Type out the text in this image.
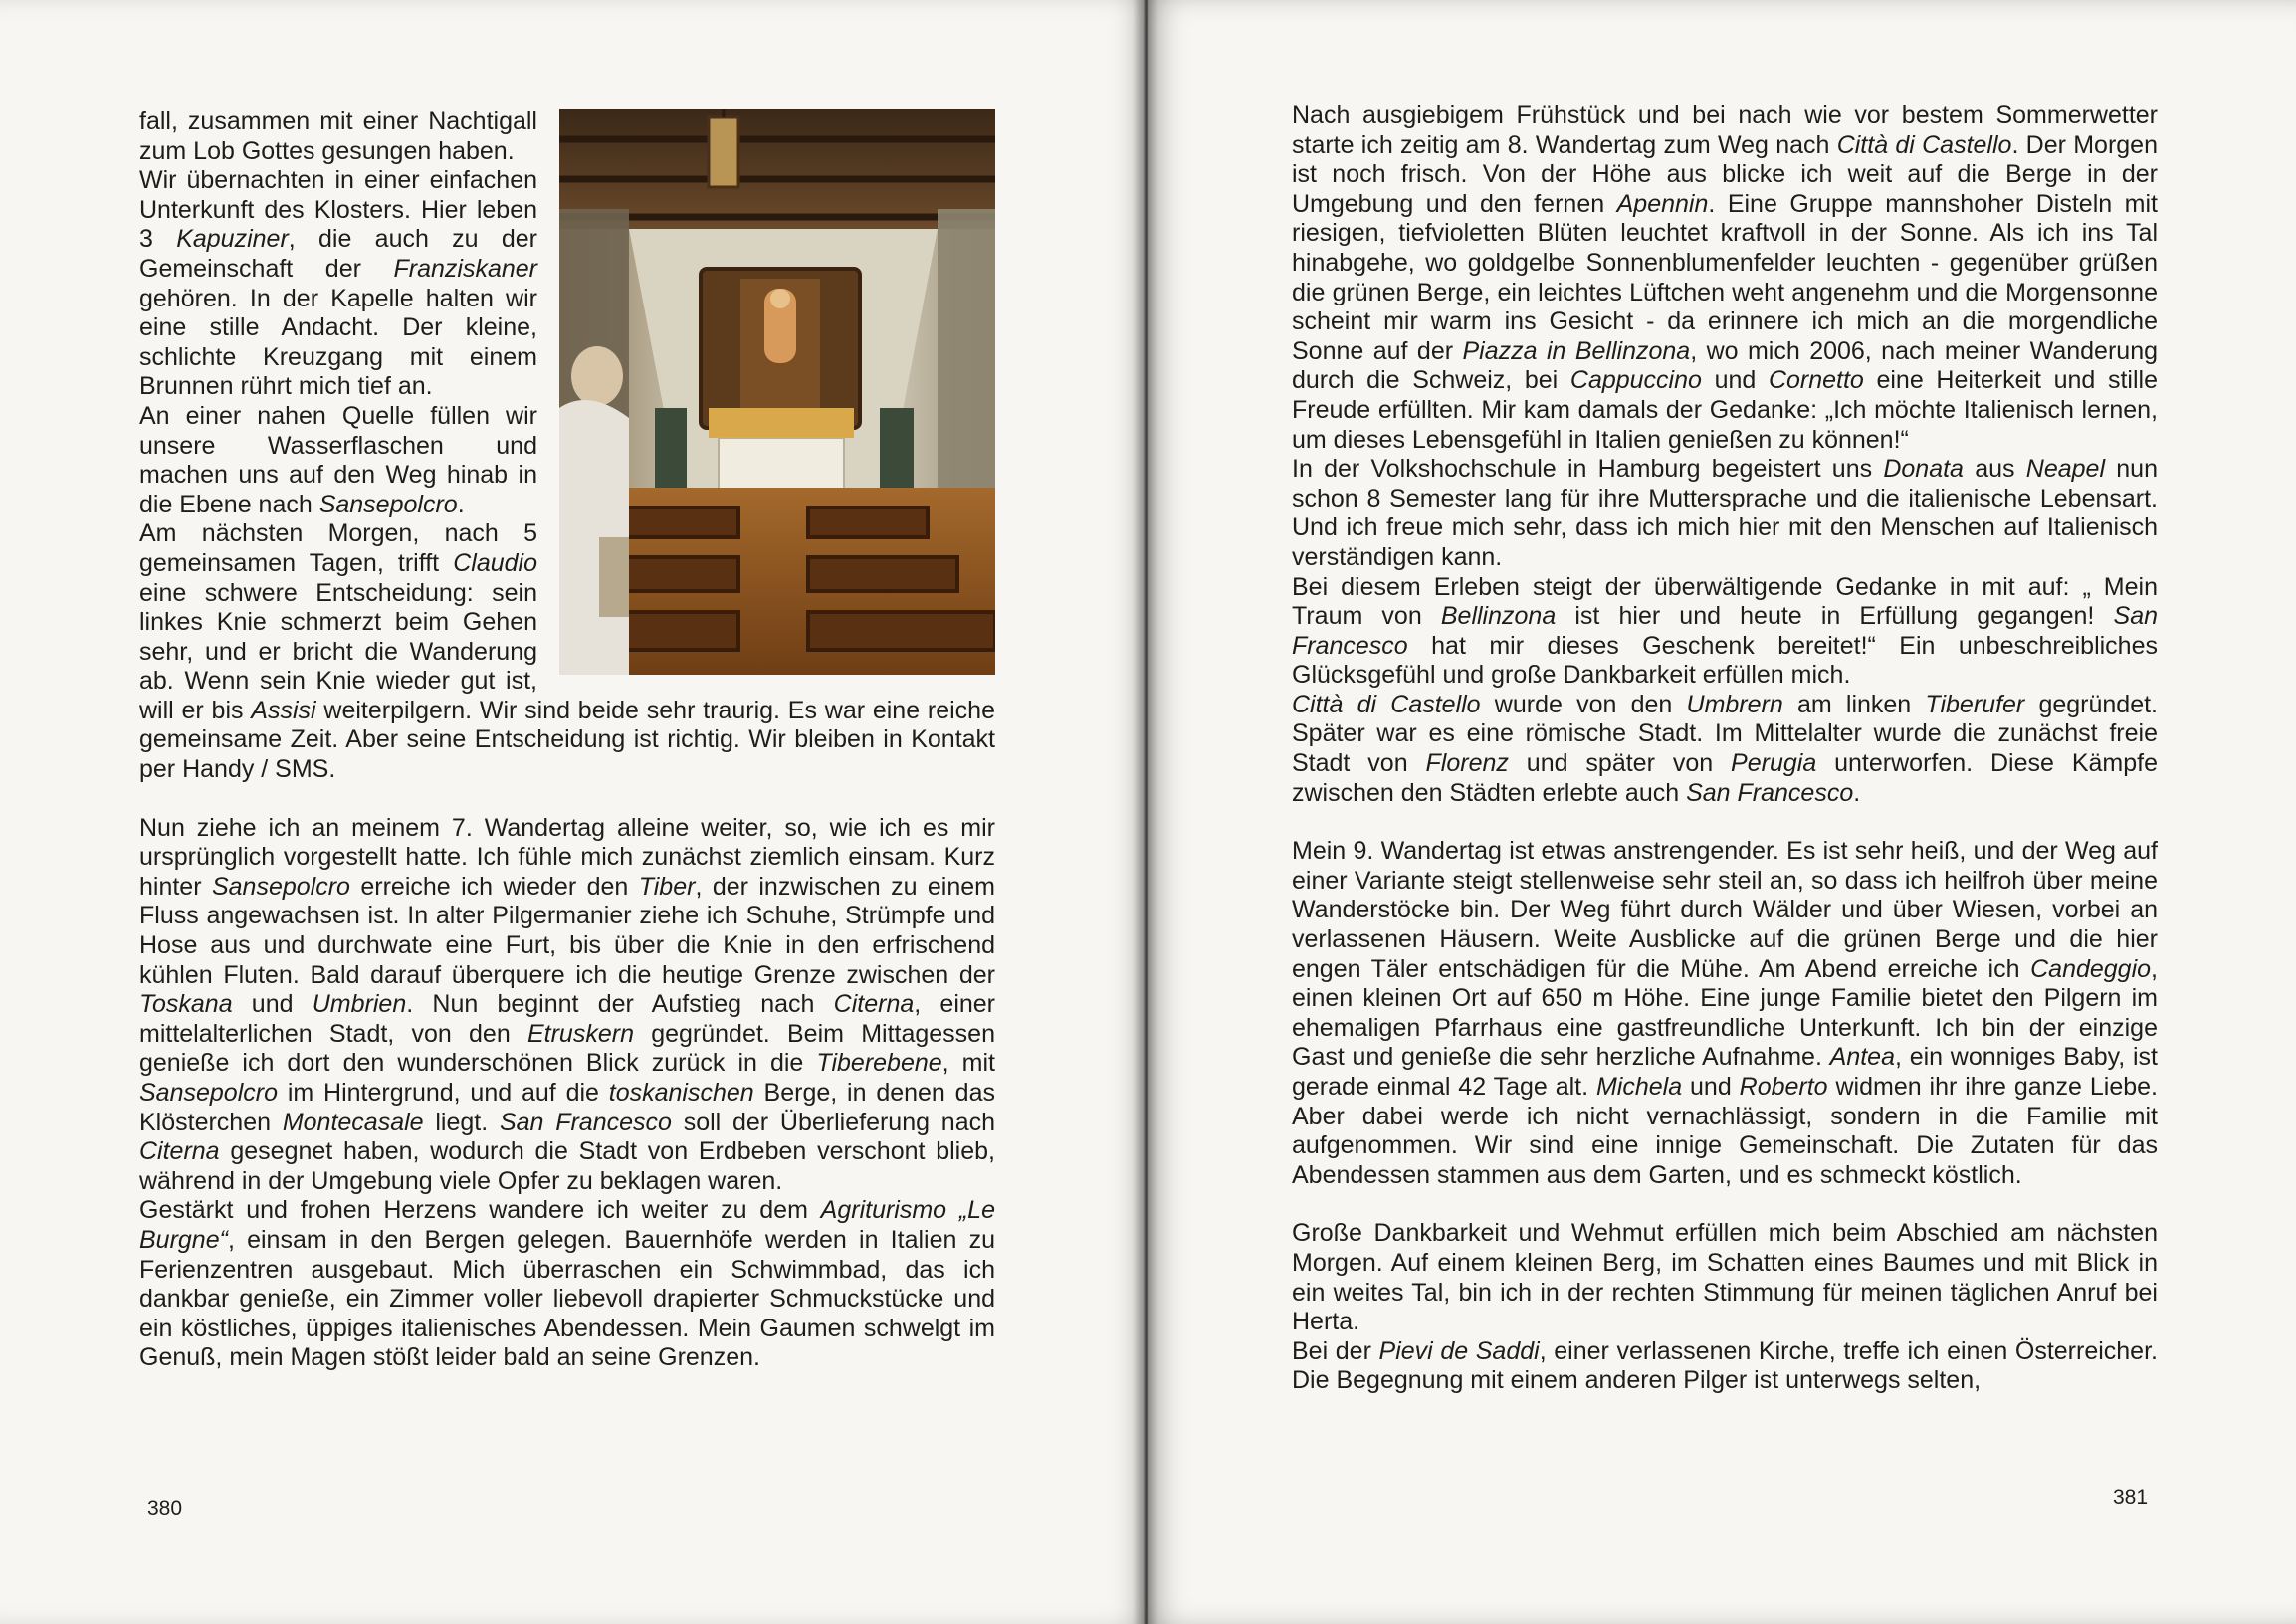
fall, zusammen mit einer Nachtigall zum Lob Gottes gesungen haben.

Wir übernachten in einer einfachen Unterkunft des Klosters. Hier leben 3 Kapuziner, die auch zu der Gemeinschaft der Franziskaner gehören. In der Kapelle halten wir eine stille Andacht. Der kleine, schlichte Kreuzgang mit einem Brunnen rührt mich tief an.

An einer nahen Quelle füllen wir unsere Wasserflaschen und machen uns auf den Weg hinab in die Ebene nach Sansepolcro.

Am nächsten Morgen, nach 5 gemeinsamen Tagen, trifft Claudio eine schwere Entscheidung: sein linkes Knie schmerzt beim Gehen sehr, und er bricht die Wanderung ab. Wenn sein Knie wieder gut ist, will er bis Assisi weiterpilgern. Wir sind beide sehr traurig. Es war eine reiche gemeinsame Zeit. Aber seine Entscheidung ist richtig. Wir bleiben in Kontakt per Handy / SMS.

Nun ziehe ich an meinem 7. Wandertag alleine weiter, so, wie ich es mir ursprünglich vorgestellt hatte. Ich fühle mich zunächst ziemlich einsam. Kurz hinter Sansepolcro erreiche ich wieder den Tiber, der inzwischen zu einem Fluss angewachsen ist. In alter Pilgermanier ziehe ich Schuhe, Strümpfe und Hose aus und durchwate eine Furt, bis über die Knie in den erfrischend kühlen Fluten. Bald darauf überquere ich die heutige Grenze zwischen der Toskana und Umbrien. Nun beginnt der Aufstieg nach Citerna, einer mittelalterlichen Stadt, von den Etruskern gegründet. Beim Mittagessen genieße ich dort den wunderschönen Blick zurück in die Tiberebene, mit Sansepolcro im Hintergrund, und auf die toskanischen Berge, in denen das Klösterchen Montecasale liegt. San Francesco soll der Überlieferung nach Citerna gesegnet haben, wodurch die Stadt von Erdbeben verschont blieb, während in der Umgebung viele Opfer zu beklagen waren.

Gestärkt und frohen Herzens wandere ich weiter zu dem Agriturismo „Le Burgne“, einsam in den Bergen gelegen. Bauernhöfe werden in Italien zu Ferienzentren ausgebaut. Mich überraschen ein Schwimmbad, das ich dankbar genieße, ein Zimmer voller liebevoll drapierter Schmuckstücke und ein köstliches, üppiges italienisches Abendessen. Mein Gaumen schwelgt im Genuß, mein Magen stößt leider bald an seine Grenzen.

380

Nach ausgiebigem Frühstück und bei nach wie vor bestem Sommerwetter starte ich zeitig am 8. Wandertag zum Weg nach Città di Castello. Der Morgen ist noch frisch. Von der Höhe aus blicke ich weit auf die Berge in der Umgebung und den fernen Apennin. Eine Gruppe mannshoher Disteln mit riesigen, tiefvioletten Blüten leuchtet kraftvoll in der Sonne. Als ich ins Tal hinabgehe, wo goldgelbe Sonnenblumenfelder leuchten - gegenüber grüßen die grünen Berge, ein leichtes Lüftchen weht angenehm und die Morgensonne scheint mir warm ins Gesicht - da erinnere ich mich an die morgendliche Sonne auf der Piazza in Bellinzona, wo mich 2006, nach meiner Wanderung durch die Schweiz, bei Cappuccino und Cornetto eine Heiterkeit und stille Freude erfüllten. Mir kam damals der Gedanke: „Ich möchte Italienisch lernen, um dieses Lebensgefühl in Italien genießen zu können!“

In der Volkshochschule in Hamburg begeistert uns Donata aus Neapel nun schon 8 Semester lang für ihre Muttersprache und die italienische Lebensart. Und ich freue mich sehr, dass ich mich hier mit den Menschen auf Italienisch verständigen kann.

Bei diesem Erleben steigt der überwältigende Gedanke in mit auf: „ Mein Traum von Bellinzona ist hier und heute in Erfüllung gegangen! San Francesco hat mir dieses Geschenk bereitet!“ Ein unbeschreibliches Glücksgefühl und große Dankbarkeit erfüllen mich.

Città di Castello wurde von den Umbrern am linken Tiberufer gegründet. Später war es eine römische Stadt. Im Mittelalter wurde die zunächst freie Stadt von Florenz und später von Perugia unterworfen. Diese Kämpfe zwischen den Städten erlebte auch San Francesco.

Mein 9. Wandertag ist etwas anstrengender. Es ist sehr heiß, und der Weg auf einer Variante steigt stellenweise sehr steil an, so dass ich heilfroh über meine Wanderstöcke bin. Der Weg führt durch Wälder und über Wiesen, vorbei an verlassenen Häusern. Weite Ausblicke auf die grünen Berge und die hier engen Täler entschädigen für die Mühe. Am Abend erreiche ich Candeggio, einen kleinen Ort auf 650 m Höhe. Eine junge Familie bietet den Pilgern im ehemaligen Pfarrhaus eine gastfreundliche Unterkunft. Ich bin der einzige Gast und genieße die sehr herzliche Aufnahme. Antea, ein wonniges Baby, ist gerade einmal 42 Tage alt. Michela und Roberto widmen ihr ihre ganze Liebe. Aber dabei werde ich nicht vernachlässigt, sondern in die Familie mit aufgenommen. Wir sind eine innige Gemeinschaft. Die Zutaten für das Abendessen stammen aus dem Garten, und es schmeckt köstlich.

Große Dankbarkeit und Wehmut erfüllen mich beim Abschied am nächsten Morgen. Auf einem kleinen Berg, im Schatten eines Baumes und mit Blick in ein weites Tal, bin ich in der rechten Stimmung für meinen täglichen Anruf bei Herta.

Bei der Pievi de Saddi, einer verlassenen Kirche, treffe ich einen Österreicher. Die Begegnung mit einem anderen Pilger ist unterwegs selten,

381
